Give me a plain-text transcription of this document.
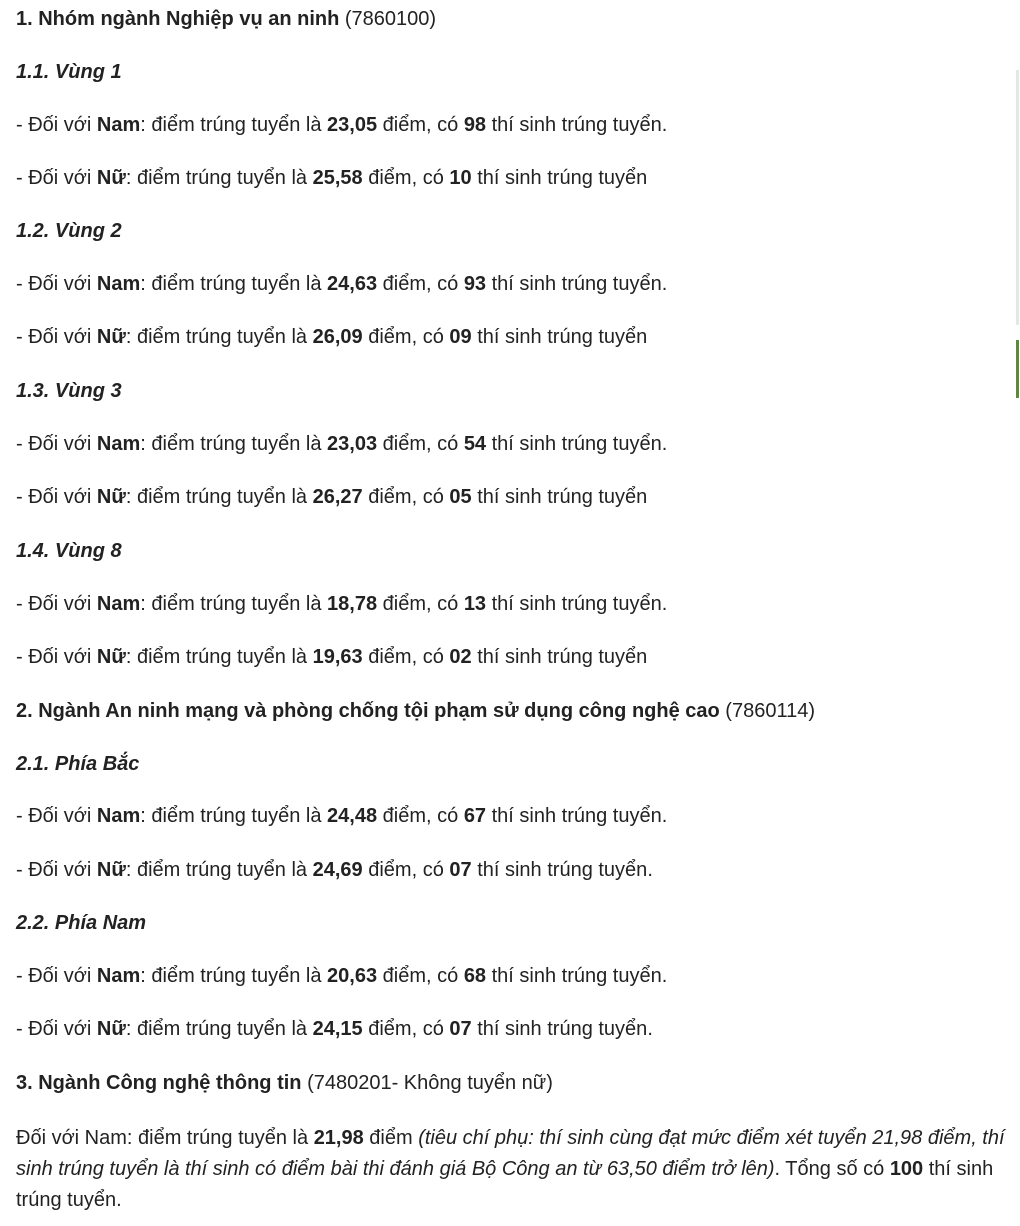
1. Nhóm ngành Nghiệp vụ an ninh (7860100)
1.1. Vùng 1
- Đối với Nam: điểm trúng tuyển là 23,05 điểm, có 98 thí sinh trúng tuyển.
- Đối với Nữ: điểm trúng tuyển là 25,58 điểm, có 10 thí sinh trúng tuyển
1.2. Vùng 2
- Đối với Nam: điểm trúng tuyển là 24,63 điểm, có 93 thí sinh trúng tuyển.
- Đối với Nữ: điểm trúng tuyển là 26,09 điểm, có 09 thí sinh trúng tuyển
1.3. Vùng 3
- Đối với Nam: điểm trúng tuyển là 23,03 điểm, có 54 thí sinh trúng tuyển.
- Đối với Nữ: điểm trúng tuyển là 26,27 điểm, có 05 thí sinh trúng tuyển
1.4. Vùng 8
- Đối với Nam: điểm trúng tuyển là 18,78 điểm, có 13 thí sinh trúng tuyển.
- Đối với Nữ: điểm trúng tuyển là 19,63 điểm, có 02 thí sinh trúng tuyển
2. Ngành An ninh mạng và phòng chống tội phạm sử dụng công nghệ cao (7860114)
2.1. Phía Bắc
- Đối với Nam: điểm trúng tuyển là 24,48 điểm, có 67 thí sinh trúng tuyển.
- Đối với Nữ: điểm trúng tuyển là 24,69 điểm, có 07 thí sinh trúng tuyển.
2.2. Phía Nam
- Đối với Nam: điểm trúng tuyển là 20,63 điểm, có 68 thí sinh trúng tuyển.
- Đối với Nữ: điểm trúng tuyển là 24,15 điểm, có 07 thí sinh trúng tuyển.
3. Ngành Công nghệ thông tin (7480201- Không tuyển nữ)
Đối với Nam: điểm trúng tuyển là 21,98 điểm (tiêu chí phụ: thí sinh cùng đạt mức điểm xét tuyển 21,98 điểm, thí sinh trúng tuyển là thí sinh có điểm bài thi đánh giá Bộ Công an từ 63,50 điểm trở lên). Tổng số có 100 thí sinh trúng tuyển.
